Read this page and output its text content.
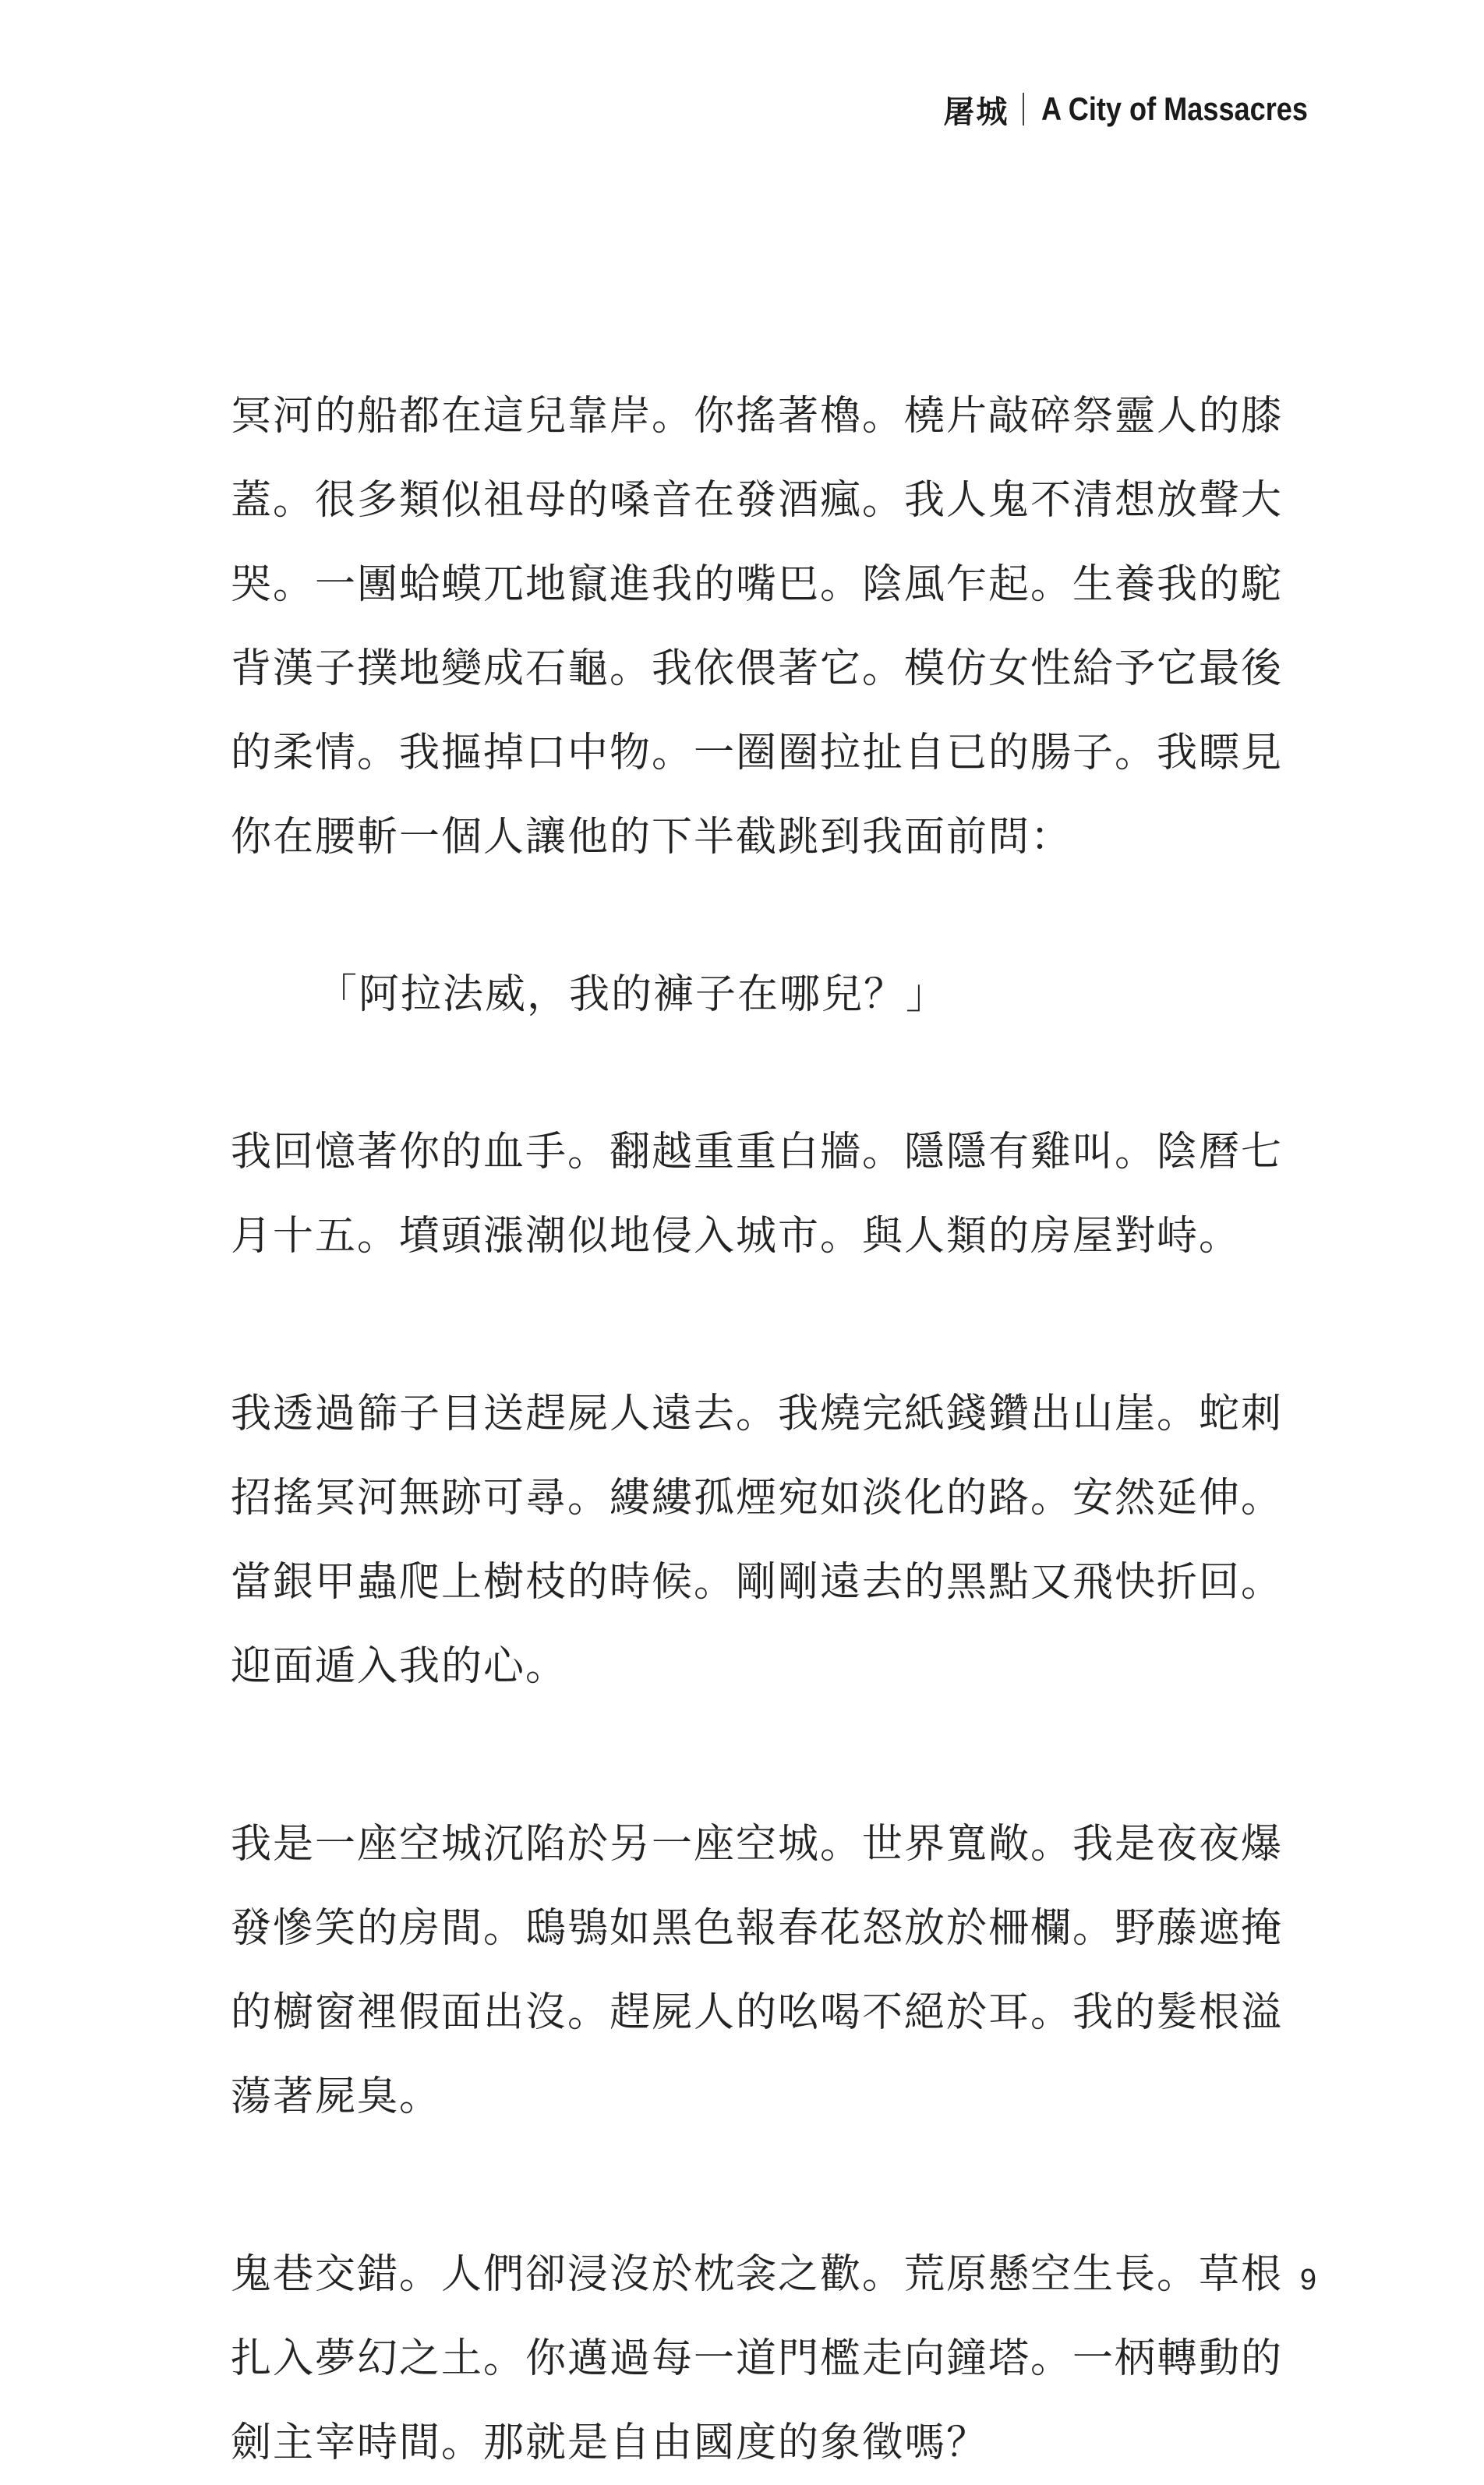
屠城 A City of Massacres
冥河的船都在這兒靠岸。你搖著櫓。橈片敲碎祭靈人的膝
蓋。很多類似祖母的嗓音在發酒瘋。我人鬼不清想放聲大
哭。一團蛤蟆兀地竄進我的嘴巴。陰風乍起。生養我的駝
背漢子撲地變成石龜。我依偎著它。模仿女性給予它最後
的柔情。我摳掉口中物。一圈圈拉扯自已的腸子。我瞟見
你在腰斬一個人讓他的下半截跳到我面前問：
「阿拉法威，我的褲子在哪兒？」
我回憶著你的血手。翻越重重白牆。隱隱有雞叫。陰曆七
月十五。墳頭漲潮似地侵入城市。與人類的房屋對峙。
我透過篩子目送趕屍人遠去。我燒完紙錢鑽出山崖。蛇刺
招搖冥河無跡可尋。縷縷孤煙宛如淡化的路。安然延伸。
當銀甲蟲爬上樹枝的時候。剛剛遠去的黑點又飛快折回。
迎面遁入我的心。
我是一座空城沉陷於另一座空城。世界寬敞。我是夜夜爆
發慘笑的房間。鴟鴞如黑色報春花怒放於柵欄。野藤遮掩
的櫥窗裡假面出沒。趕屍人的吆喝不絕於耳。我的髮根溢
蕩著屍臭。
鬼巷交錯。人們卻浸沒於枕衾之歡。荒原懸空生長。草根
扎入夢幻之土。你邁過每一道門檻走向鐘塔。一柄轉動的
劍主宰時間。那就是自由國度的象徵嗎？
9
